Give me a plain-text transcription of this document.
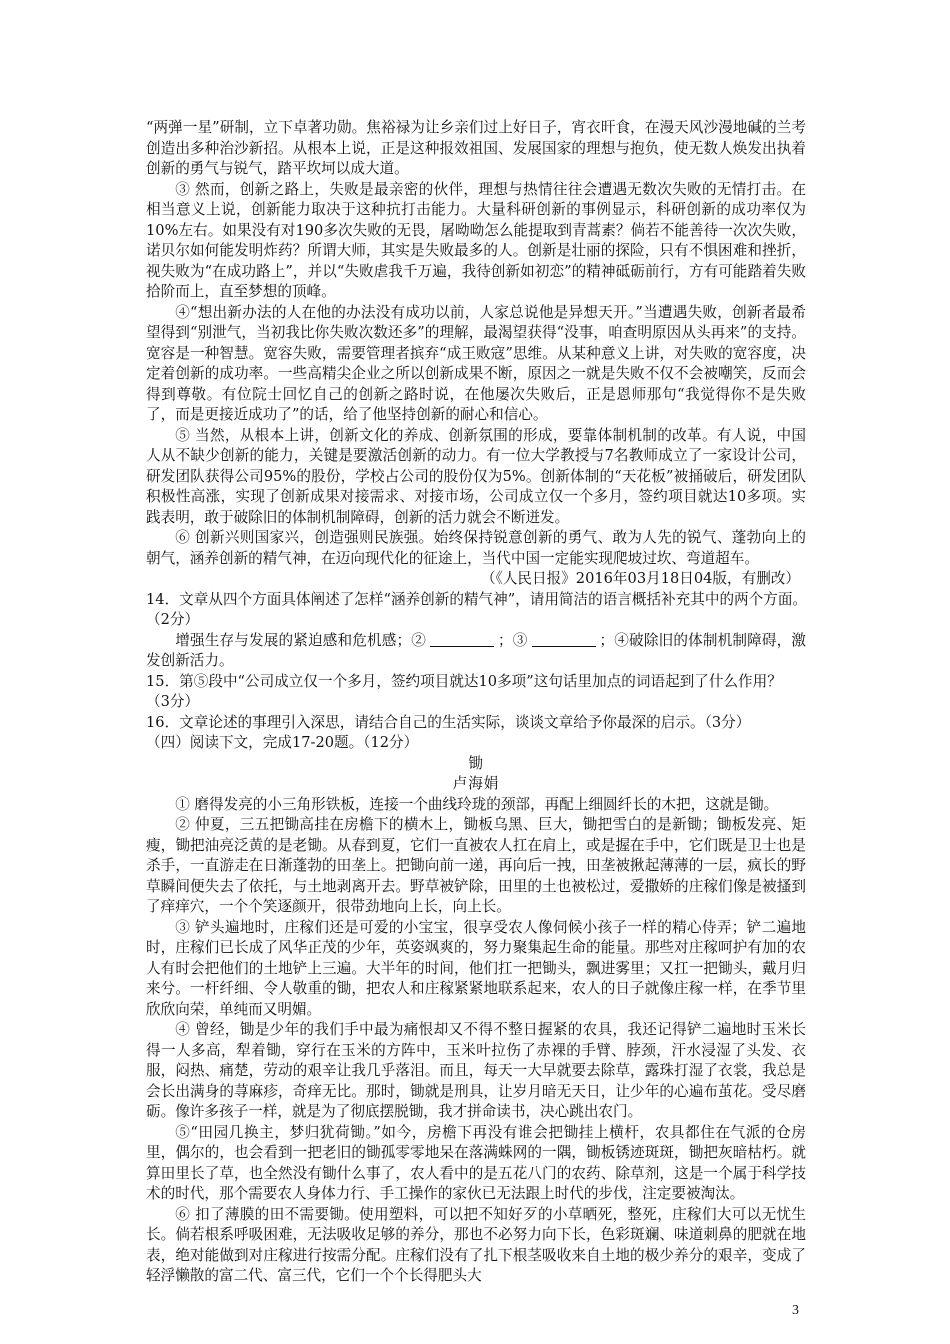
“两弹一星”研制，立下卓著功勋。焦裕禄为让乡亲们过上好日子，宵衣旰食，在漫天风沙漫地碱的兰考创造出多种治沙新招。从根本上说，正是这种报效祖国、发展国家的理想与抱负，使无数人焕发出执着创新的勇气与锐气，踏平坎坷以成大道。

③ 然而，创新之路上，失败是最亲密的伙伴，理想与热情往往会遭遇无数次失败的无情打击。在相当意义上说，创新能力取决于这种抗打击能力。大量科研创新的事例显示，科研创新的成功率仅为10%左右。如果没有对190多次失败的无畏，屠呦呦怎么能提取到青蒿素？倘若不能善待一次次失败，诺贝尔如何能发明炸药？所谓大师，其实是失败最多的人。创新是壮丽的探险，只有不惧困难和挫折，视失败为“在成功路上”，并以“失败虐我千万遍，我待创新如初恋”的精神砥砺前行，方有可能踏着失败拾阶而上，直至梦想的顶峰。

④“想出新办法的人在他的办法没有成功以前，人家总说他是异想天开。”当遭遇失败，创新者最希望得到“别泄气，当初我比你失败次数还多”的理解，最渴望获得“没事，咱查明原因从头再来”的支持。宽容是一种智慧。宽容失败，需要管理者摈弃“成王败寇”思维。从某种意义上讲，对失败的宽容度，决定着创新的成功率。一些高精尖企业之所以创新成果不断，原因之一就是失败不仅不会被嘲笑，反而会得到尊敬。有位院士回忆自己的创新之路时说，在他屡次失败后，正是恩师那句“我觉得你不是失败了，而是更接近成功了”的话，给了他坚持创新的耐心和信心。

⑤ 当然，从根本上讲，创新文化的养成、创新氛围的形成，要靠体制机制的改革。有人说，中国人从不缺少创新的能力，关键是要激活创新的动力。有一位大学教授与7名教师成立了一家设计公司，研发团队获得公司95%的股份，学校占公司的股份仅为5%。创新体制的“天花板”被捅破后，研发团队积极性高涨，实现了创新成果对接需求、对接市场，公司成立仅一个多月，签约项目就达10多项。实践表明，敢于破除旧的体制机制障碍，创新的活力就会不断迸发。

⑥ 创新兴则国家兴，创造强则民族强。始终保持锐意创新的勇气、敢为人先的锐气、蓬勃向上的朝气，涵养创新的精气神，在迈向现代化的征途上，当代中国一定能实现爬坡过坎、弯道超车。

（《人民日报》2016年03月18日04版，有删改）

14．文章从四个方面具体阐述了怎样“涵养创新的精气神”，请用简洁的语言概括补充其中的两个方面。　（2分）

增强生存与发展的紧迫感和危机感；②	；③	；④破除旧的体制机制障碍，激发创新活力。

15．第⑤段中“公司成立仅一个多月，签约项目就达10多项”这句话里加点的词语起到了什么作用？　（3分）

16．文章论述的事理引入深思，请结合自己的生活实际，谈谈文章给予你最深的启示。（3分）

（四）阅读下文，完成17-20题。（12分）

锄

卢海娟

① 磨得发亮的小三角形铁板，连接一个曲线玲珑的颈部，再配上细圆纤长的木把，这就是锄。

② 仲夏，三五把锄高挂在房檐下的横木上，锄板乌黑、巨大，锄把雪白的是新锄；锄板发亮、矩瘦，锄把油亮泛黄的是老锄。从春到夏，它们一直被农人扛在肩上，或是握在手中，它们既是卫士也是杀手，一直游走在日渐蓬勃的田垄上。把锄向前一递，再向后一拽，田垄被揪起薄薄的一层，疯长的野草瞬间便失去了依托，与土地剥离开去。野草被铲除，田里的土也被松过，爱撒娇的庄稼们像是被搔到了痒痒穴，一个个笑逐颜开，很带劲地向上长，向上长。

③ 铲头遍地时，庄稼们还是可爱的小宝宝，很享受农人像伺候小孩子一样的精心侍弄；铲二遍地时，庄稼们已长成了风华正茂的少年，英姿飒爽的，努力聚集起生命的能量。那些对庄稼呵护有加的农人有时会把他们的土地铲上三遍。大半年的时间，他们扛一把锄头，飘进雾里；又扛一把锄头，戴月归来兮。一杆纤细、令人敬重的锄，把农人和庄稼紧紧地联系起来，农人的日子就像庄稼一样，在季节里欣欣向荣，单纯而又明媚。

④ 曾经，锄是少年的我们手中最为痛恨却又不得不整日握紧的农具，我还记得铲二遍地时玉米长得一人多高，犁着锄，穿行在玉米的方阵中，玉米叶拉伤了赤裸的手臂、脖颈，汗水浸湿了头发、衣服，闷热、痛楚，劳动的艰辛让我几乎落泪。而且，每天一大早就要去除草，露珠打湿了衣裳，我总是会长出满身的荨麻疹，奇痒无比。那时，锄就是刑具，让岁月暗无天日，让少年的心遍布茧花。受尽磨砺。像许多孩子一样，就是为了彻底摆脱锄，我才拼命读书，决心跳出农门。

⑤“田园几换主，梦归犹荷锄。”如今，房檐下再没有谁会把锄挂上横杆，农具都住在气派的仓房里，偶尔的，也会看到一把老旧的锄孤零零地呆在落满蛛网的一隅，锄板锈迹斑斑，锄把灰暗枯朽。就算田里长了草，也全然没有锄什么事了，农人看中的是五花八门的农药、除草剂，这是一个属于科学技术的时代，那个需要农人身体力行、手工操作的家伙已无法跟上时代的步伐，注定要被淘汰。

⑥ 扣了薄膜的田不需要锄。使用塑料，可以把不知好歹的小草晒死，整死，庄稼们大可以无忧生长。倘若根系呼吸困难，无法吸收足够的养分，那也不必努力向下长，色彩斑斓、味道刺鼻的肥就在地表，绝对能做到对庄稼进行按需分配。庄稼们没有了扎下根茎吸收来自土地的极少养分的艰辛，变成了轻浮懒散的富二代、富三代，它们一个个长得肥头大

3
